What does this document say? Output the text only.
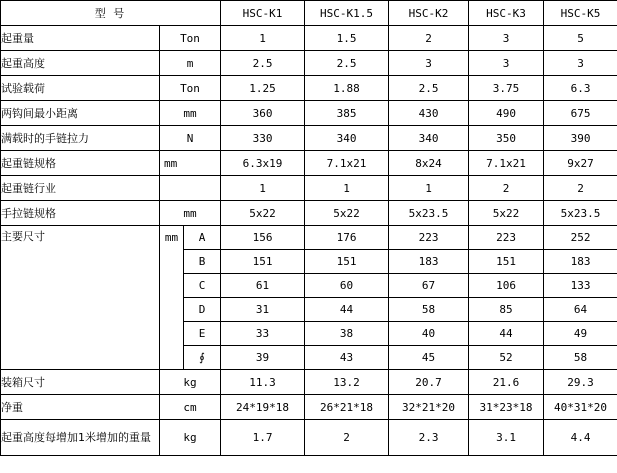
型 号			HSC-K1	HSC-K1.5	HSC-K2	HSC-K3	HSC-K5
起重量	Ton		1	1.5	2	3	5
起重高度	m		2.5	2.5	3	3	3
试验载荷	Ton		1.25	1.88	2.5	3.75	6.3
两钩间最小距离	mm		360	385	430	490	675
满载时的手链拉力	N		330	340	340	350	390
起重链规格	mm		6.3x19	7.1x21	8x24	7.1x21	9x27
起重链行业			1	1	1	2	2
手拉链规格	mm		5x22	5x22	5x23.5	5x22	5x23.5
主要尺寸	mm	A	156	176	223	223	252
		B	151	151	183	151	183
		C	61	60	67	106	133
		D	31	44	58	85	64
		E	33	38	40	44	49
		∮	39	43	45	52	58
装箱尺寸	kg		11.3	13.2	20.7	21.6	29.3
净重	cm		24*19*18	26*21*18	32*21*20	31*23*18	40*31*20
起重高度每增加1米增加的重量	kg		1.7	2	2.3	3.1	4.4
